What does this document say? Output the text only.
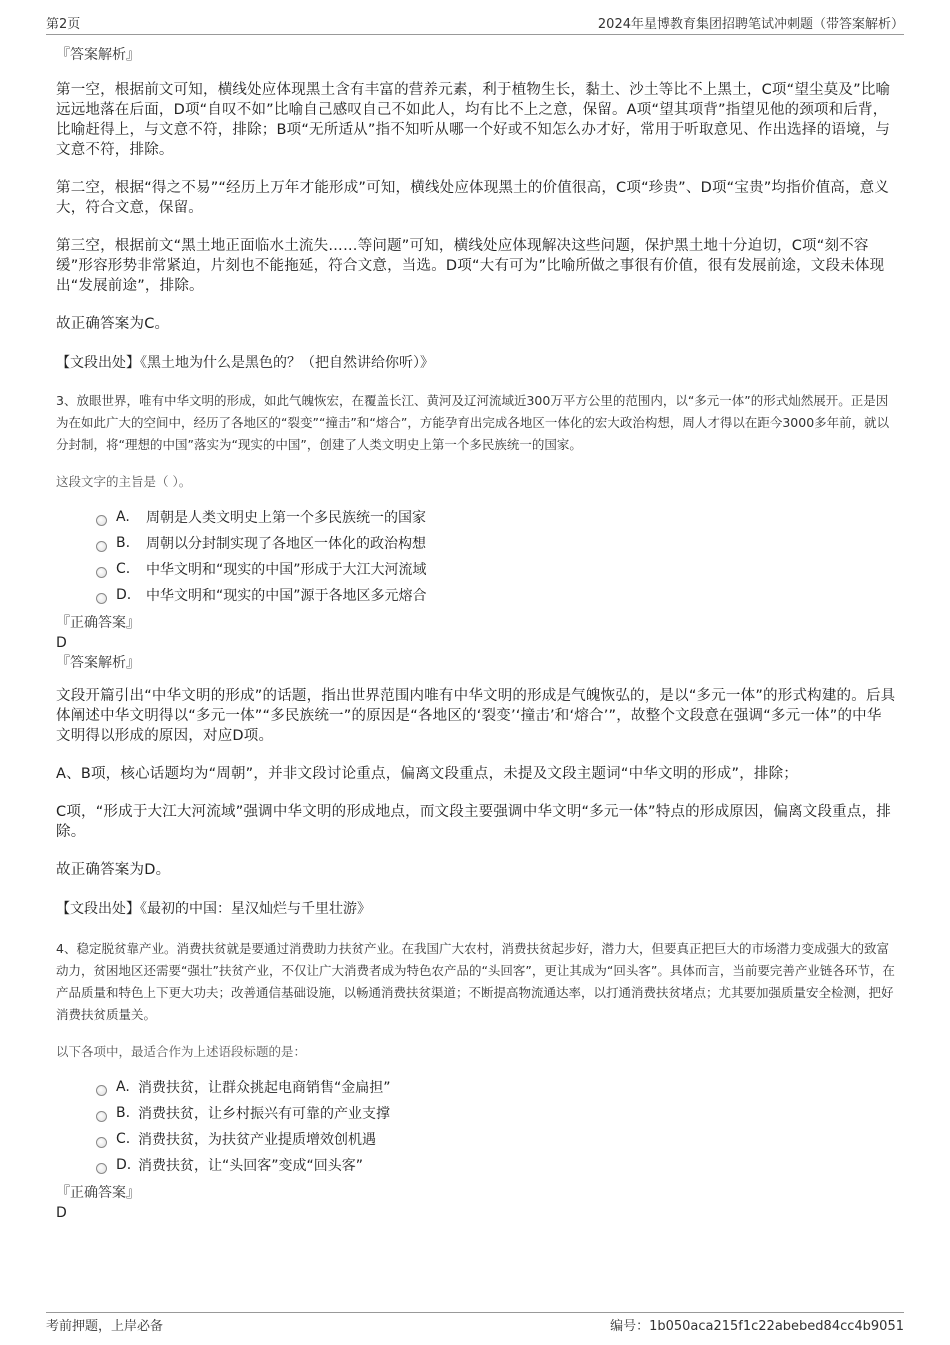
第2页	2024年星博教育集团招聘笔试冲刺题（带答案解析）

『答案解析』

第一空，根据前文可知，横线处应体现黑土含有丰富的营养元素，利于植物生长，黏土、沙土等比不上黑土，C项“望尘莫及”比喻远远地落在后面，D项“自叹不如”比喻自己感叹自己不如此人，均有比不上之意，保留。A项“望其项背”指望见他的颈项和后背，比喻赶得上，与文意不符，排除；B项“无所适从”指不知听从哪一个好或不知怎么办才好，常用于听取意见、作出选择的语境，与文意不符，排除。

第二空，根据“得之不易”“经历上万年才能形成”可知，横线处应体现黑土的价值很高，C项“珍贵”、D项“宝贵”均指价值高，意义大，符合文意，保留。

第三空，根据前文“黑土地正面临水土流失……等问题”可知，横线处应体现解决这些问题，保护黑土地十分迫切，C项“刻不容缓”形容形势非常紧迫，片刻也不能拖延，符合文意，当选。D项“大有可为”比喻所做之事很有价值，很有发展前途，文段未体现出“发展前途”，排除。

故正确答案为C。

【文段出处】《黑土地为什么是黑色的？（把自然讲给你听）》

3、放眼世界，唯有中华文明的形成，如此气魄恢宏，在覆盖长江、黄河及辽河流域近300万平方公里的范围内，以“多元一体”的形式灿然展开。正是因为在如此广大的空间中，经历了各地区的“裂变”“撞击”和“熔合”，方能孕育出完成各地区一体化的宏大政治构想，周人才得以在距今3000多年前，就以分封制，将“理想的中国”落实为“现实的中国”，创建了人类文明史上第一个多民族统一的国家。

这段文字的主旨是（ ）。

A.	周朝是人类文明史上第一个多民族统一的国家
B.	周朝以分封制实现了各地区一体化的政治构想
C.	中华文明和“现实的中国”形成于大江大河流域
D.	中华文明和“现实的中国”源于各地区多元熔合

『正确答案』

D

『答案解析』

文段开篇引出“中华文明的形成”的话题，指出世界范围内唯有中华文明的形成是气魄恢弘的，是以“多元一体”的形式构建的。后具体阐述中华文明得以“多元一体”“多民族统一”的原因是“各地区的‘裂变’‘撞击’和‘熔合’”，故整个文段意在强调“多元一体”的中华文明得以形成的原因，对应D项。

A、B项，核心话题均为“周朝”，并非文段讨论重点，偏离文段重点，未提及文段主题词“中华文明的形成”，排除；

C项，“形成于大江大河流域”强调中华文明的形成地点，而文段主要强调中华文明“多元一体”特点的形成原因，偏离文段重点，排除。

故正确答案为D。

【文段出处】《最初的中国：星汉灿烂与千里壮游》

4、稳定脱贫靠产业。消费扶贫就是要通过消费助力扶贫产业。在我国广大农村，消费扶贫起步好，潜力大，但要真正把巨大的市场潜力变成强大的致富动力，贫困地区还需要“强壮”扶贫产业，不仅让广大消费者成为特色农产品的“头回客”，更让其成为“回头客”。具体而言，当前要完善产业链各环节，在产品质量和特色上下更大功夫；改善通信基础设施，以畅通消费扶贫渠道；不断提高物流通达率，以打通消费扶贫堵点；尤其要加强质量安全检测，把好消费扶贫质量关。

以下各项中，最适合作为上述语段标题的是：

A. 消费扶贫，让群众挑起电商销售“金扁担”
B. 消费扶贫，让乡村振兴有可靠的产业支撑
C. 消费扶贫，为扶贫产业提质增效创机遇
D. 消费扶贫，让“头回客”变成“回头客”

『正确答案』

D

考前押题，上岸必备	编号：1b050aca215f1c22abebed84cc4b9051
